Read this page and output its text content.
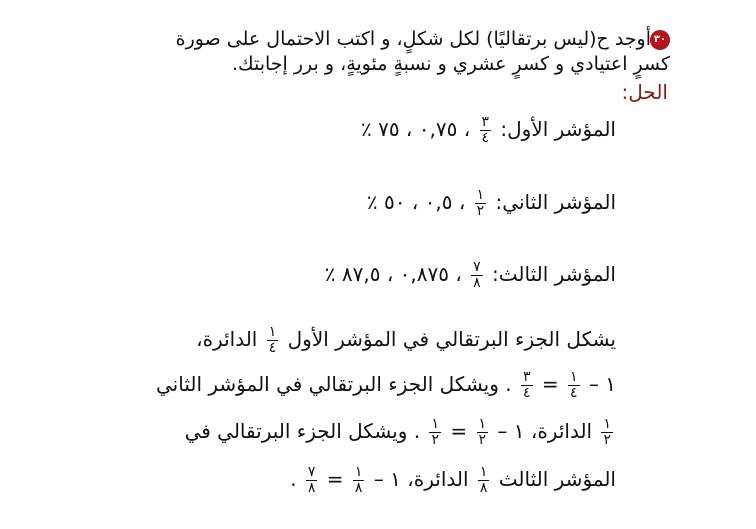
٣٠
أوجد ح(ليس برتقاليًا) لكل شكلٍ، و اكتب الاحتمال على صورة
كسرٍ اعتيادي و كسرٍ عشري و نسبةٍ مئويةٍ، و برر إجابتك.
الحل:
المؤشر الأول:
$\frac{٣}{٤}$
، ٠,٧٥ ، ٧٥ ٪
المؤشر الثاني:
$\frac{١}{٢}$
، ٠,٥ ، ٥٠ ٪
المؤشر الثالث:
$\frac{٧}{٨}$
، ٠,٨٧٥ ، ٨٧,٥ ٪
يشكل الجزء البرتقالي في المؤشر الأول
$\frac{١}{٤}$
الدائرة،
١ –
$\frac{١}{٤}$
=
$\frac{٣}{٤}$
. ويشكل الجزء البرتقالي في المؤشر الثاني
$\frac{١}{٢}$
الدائرة، ١ –
$\frac{١}{٢}$
=
$\frac{١}{٢}$
. ويشكل الجزء البرتقالي في
المؤشر الثالث
$\frac{١}{٨}$
الدائرة، ١ –
$\frac{١}{٨}$
=
$\frac{٧}{٨}$
.
